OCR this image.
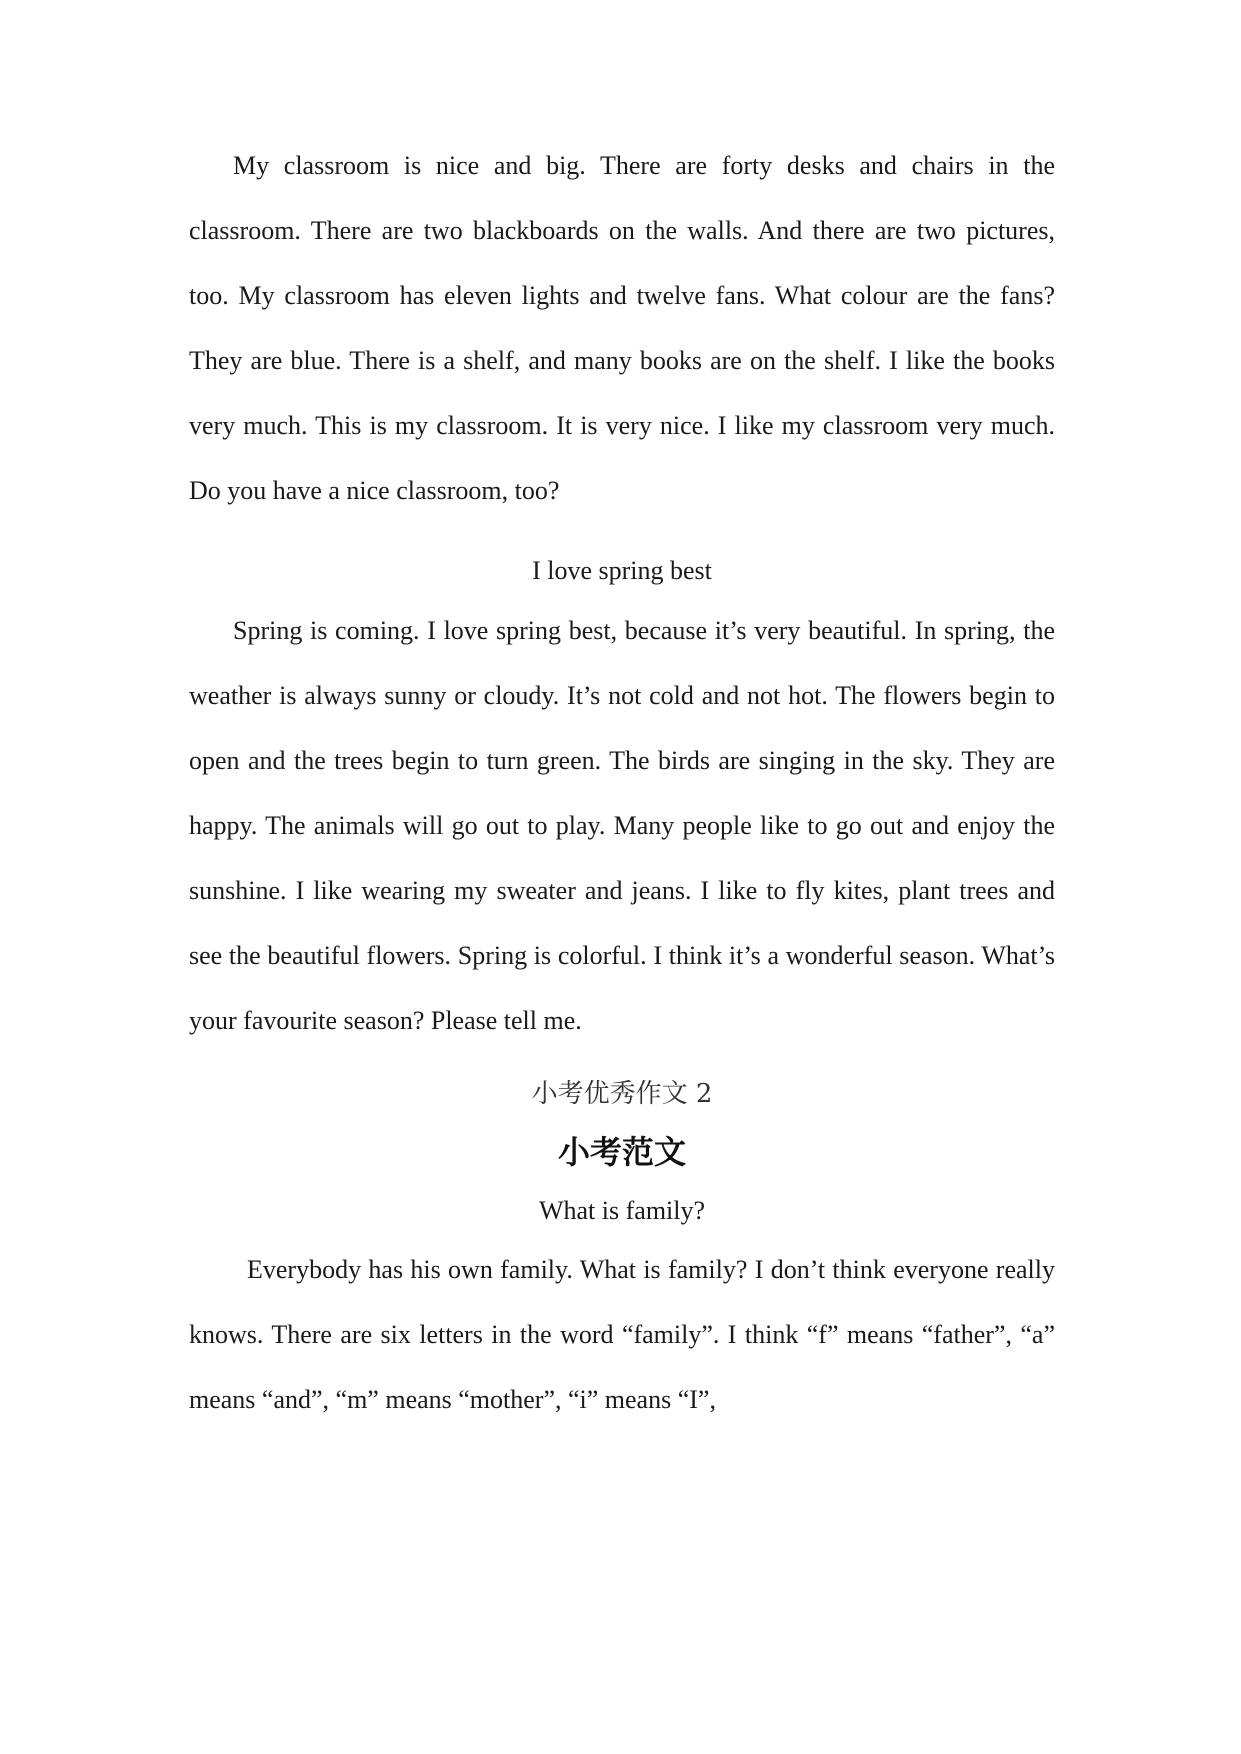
My classroom is nice and big. There are forty desks and chairs in the classroom. There are two blackboards on the walls. And there are two pictures, too. My classroom has eleven lights and twelve fans. What colour are the fans? They are blue. There is a shelf, and many books are on the shelf. I like the books very much. This is my classroom. It is very nice. I like my classroom very much. Do you have a nice classroom, too?

I love spring best

Spring is coming. I love spring best, because it’s very beautiful. In spring, the weather is always sunny or cloudy. It’s not cold and not hot. The flowers begin to open and the trees begin to turn green. The birds are singing in the sky. They are happy. The animals will go out to play. Many people like to go out and enjoy the sunshine. I like wearing my sweater and jeans. I like to fly kites, plant trees and see the beautiful flowers. Spring is colorful. I think it’s a wonderful season. What’s your favourite season? Please tell me.

小考优秀作文 2

小考范文

What is family?

Everybody has his own family. What is family? I don’t think everyone really knows. There are six letters in the word “family”. I think “f” means “father”, “a” means “and”, “m” means “mother”, “i” means “I”,
